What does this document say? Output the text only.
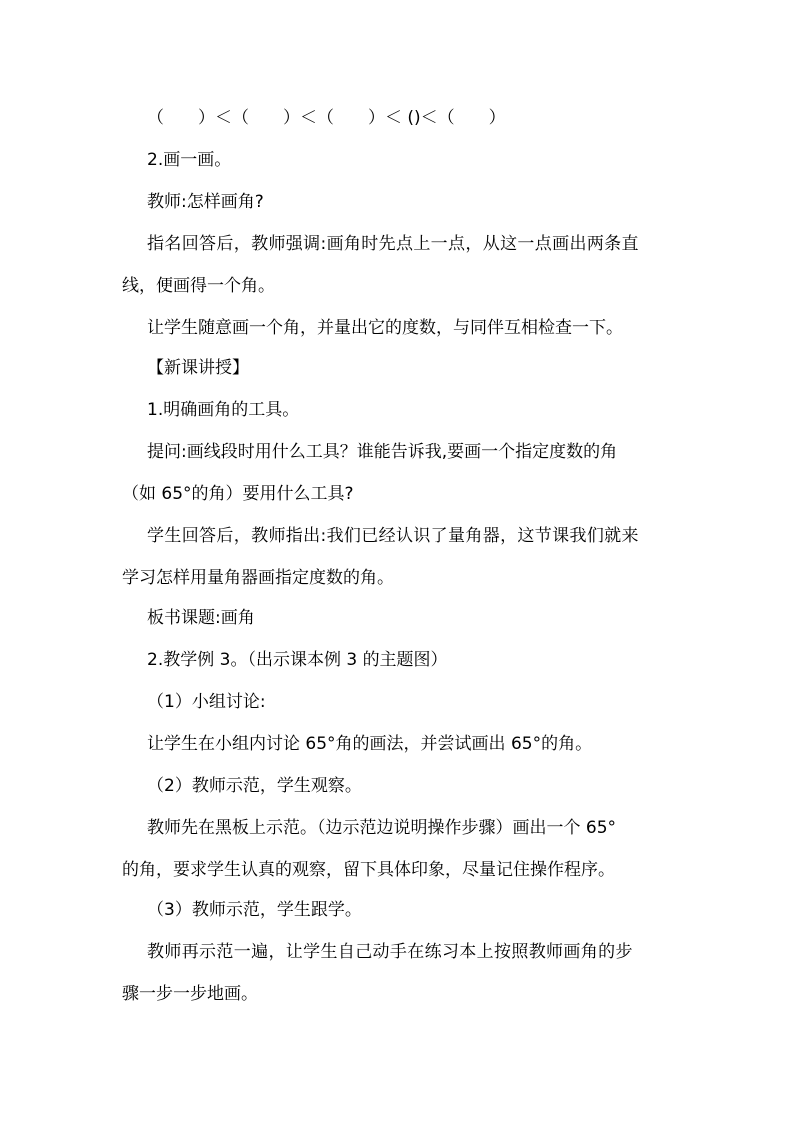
（　　）＜（　　）＜（　　）＜ ()＜（　　）
2.画一画。
教师:怎样画角?
指名回答后，教师强调:画角时先点上一点，从这一点画出两条直
线，便画得一个角。
让学生随意画一个角，并量出它的度数，与同伴互相检查一下。
【新课讲授】
1.明确画角的工具。
提问:画线段时用什么工具？谁能告诉我,要画一个指定度数的角
（如 65°的角）要用什么工具?
学生回答后，教师指出:我们已经认识了量角器，这节课我们就来
学习怎样用量角器画指定度数的角。
板书课题:画角
2.教学例 3。（出示课本例 3 的主题图）
（1）小组讨论:
让学生在小组内讨论 65°角的画法，并尝试画出 65°的角。
（2）教师示范，学生观察。
教师先在黑板上示范。（边示范边说明操作步骤）画出一个 65°
的角，要求学生认真的观察，留下具体印象，尽量记住操作程序。
（3）教师示范，学生跟学。
教师再示范一遍，让学生自己动手在练习本上按照教师画角的步
骤一步一步地画。
